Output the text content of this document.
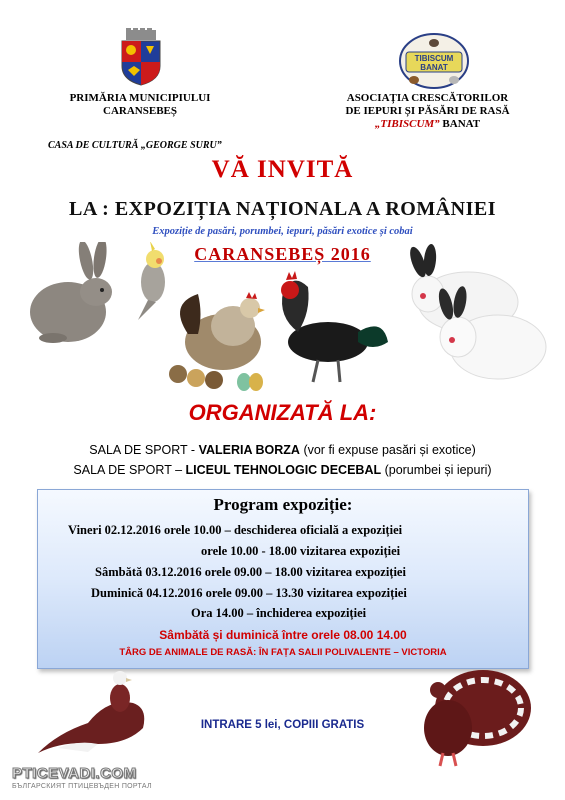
TIBISCUM
BANAT
PRIMĂRIA MUNICIPIULUI
CARANSEBEȘ
ASOCIAȚIA CRESCĂTORILOR
DE IEPURI ȘI PĂSĂRI DE RASĂ
„TIBISCUM” BANAT
CASA DE CULTURĂ „GEORGE SURU”
VĂ INVITĂ
LA : EXPOZIȚIA NAȚIONALA A ROMÂNIEI
Expoziție de pasări, porumbei, iepuri, păsări exotice și cobai
CARANSEBEȘ 2016
ORGANIZATĂ LA:
SALA DE SPORT - VALERIA BORZA (vor fi expuse pasări și exotice)
SALA DE SPORT – LICEUL TEHNOLOGIC DECEBAL (porumbei și iepuri)
Program expoziție:
Vineri 02.12.2016 orele 10.00 – deschiderea oficială a expoziției
orele 10.00 - 18.00 vizitarea expoziției
Sâmbătă 03.12.2016 orele 09.00 – 18.00 vizitarea expoziției
Duminică 04.12.2016 orele 09.00 – 13.30 vizitarea expoziției
Ora 14.00 – închiderea expoziției
Sâmbătă și duminică între orele 08.00 14.00
TÂRG DE ANIMALE DE RASĂ: ÎN FAȚA SALII POLIVALENTE – VICTORIA
INTRARE 5 lei, COPIII GRATIS
PTICEVADI.COM
БЪЛГАРСКИЯТ ПТИЦЕВЪДЕН ПОРТАЛ
